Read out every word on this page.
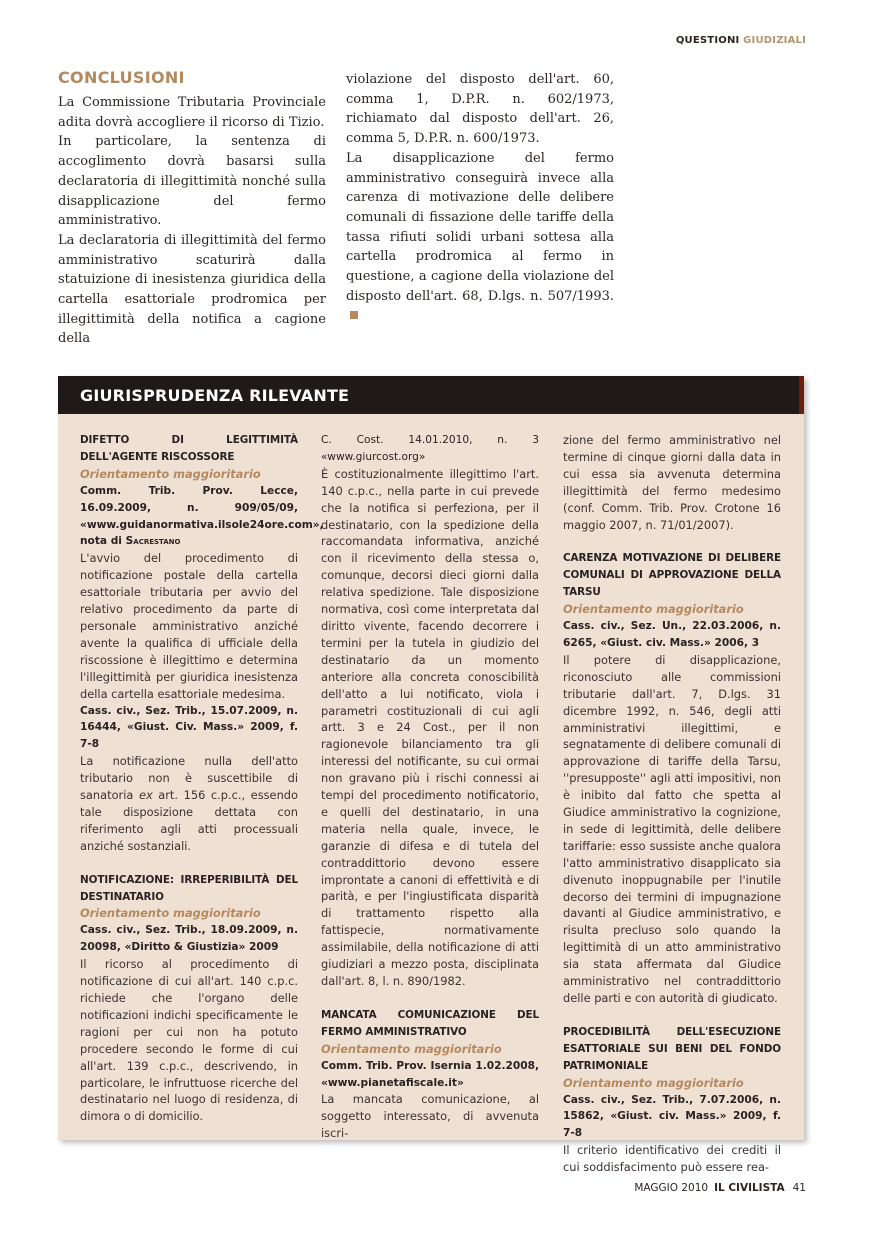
QUESTIONI GIUDIZIALI
CONCLUSIONI

La Commissione Tributaria Provinciale adita dovrà accogliere il ricorso di Tizio.

In particolare, la sentenza di accoglimento dovrà basarsi sulla declaratoria di illegittimità nonché sulla disapplicazione del fermo amministrativo.

La declaratoria di illegittimità del fermo amministrativo scaturirà dalla statuizione di inesistenza giuridica della cartella esattoriale prodromica per illegittimità della notifica a cagione della

violazione del disposto dell'art. 60, comma 1, D.P.R. n. 602/1973, richiamato dal disposto dell'art. 26, comma 5, D.P.R. n. 600/1973.

La disapplicazione del fermo amministrativo conseguirà invece alla carenza di motivazione delle delibere comunali di fissazione delle tariffe della tassa rifiuti solidi urbani sottesa alla cartella prodromica al fermo in questione, a cagione della violazione del disposto dell'art. 68, D.lgs. n. 507/1993.

GIURISPRUDENZA RILEVANTE

DIFETTO DI LEGITTIMITÀ DELL'AGENTE RISCOSSORE

Orientamento maggioritario

Comm. Trib. Prov. Lecce, 16.09.2009, n. 909/05/09, «www.guidanormativa.ilsole24ore.com», nota di Sacrestano

L'avvio del procedimento di notificazione postale della cartella esattoriale tributaria per avvio del relativo procedimento da parte di personale amministrativo anziché avente la qualifica di ufficiale della riscossione è illegittimo e determina l'illegittimità per giuridica inesistenza della cartella esattoriale medesima.

Cass. civ., Sez. Trib., 15.07.2009, n. 16444, «Giust. Civ. Mass.» 2009, f. 7-8

La notificazione nulla dell'atto tributario non è suscettibile di sanatoria ex art. 156 c.p.c., essendo tale disposizione dettata con riferimento agli atti processuali anziché sostanziali.

NOTIFICAZIONE: IRREPERIBILITÀ DEL DESTINATARIO

Orientamento maggioritario

Cass. civ., Sez. Trib., 18.09.2009, n. 20098, «Diritto & Giustizia» 2009

Il ricorso al procedimento di notificazione di cui all'art. 140 c.p.c. richiede che l'organo delle notificazioni indichi specificamente le ragioni per cui non ha potuto procedere secondo le forme di cui all'art. 139 c.p.c., descrivendo, in particolare, le infruttuose ricerche del destinatario nel luogo di residenza, di dimora o di domicilio.

C. Cost. 14.01.2010, n. 3 «www.giurcost.org»

È costituzionalmente illegittimo l'art. 140 c.p.c., nella parte in cui prevede che la notifica si perfeziona, per il destinatario, con la spedizione della raccomandata informativa, anziché con il ricevimento della stessa o, comunque, decorsi dieci giorni dalla relativa spedizione. Tale disposizione normativa, così come interpretata dal diritto vivente, facendo decorrere i termini per la tutela in giudizio del destinatario da un momento anteriore alla concreta conoscibilità dell'atto a lui notificato, viola i parametri costituzionali di cui agli artt. 3 e 24 Cost., per il non ragionevole bilanciamento tra gli interessi del notificante, su cui ormai non gravano più i rischi connessi ai tempi del procedimento notificatorio, e quelli del destinatario, in una materia nella quale, invece, le garanzie di difesa e di tutela del contraddittorio devono essere improntate a canoni di effettività e di parità, e per l'ingiustificata disparità di trattamento rispetto alla fattispecie, normativamente assimilabile, della notificazione di atti giudiziari a mezzo posta, disciplinata dall'art. 8, l. n. 890/1982.

MANCATA COMUNICAZIONE DEL FERMO AMMINISTRATIVO

Orientamento maggioritario

Comm. Trib. Prov. Isernia 1.02.2008, «www.pianetafiscale.it»

La mancata comunicazione, al soggetto interessato, di avvenuta iscri-

zione del fermo amministrativo nel termine di cinque giorni dalla data in cui essa sia avvenuta determina illegittimità del fermo medesimo (conf. Comm. Trib. Prov. Crotone 16 maggio 2007, n. 71/01/2007).

CARENZA MOTIVAZIONE DI DELIBERE COMUNALI DI APPROVAZIONE DELLA TARSU

Orientamento maggioritario

Cass. civ., Sez. Un., 22.03.2006, n. 6265, «Giust. civ. Mass.» 2006, 3

Il potere di disapplicazione, riconosciuto alle commissioni tributarie dall'art. 7, D.lgs. 31 dicembre 1992, n. 546, degli atti amministrativi illegittimi, e segnatamente di delibere comunali di approvazione di tariffe della Tarsu, ''presupposte'' agli atti impositivi, non è inibito dal fatto che spetta al Giudice amministrativo la cognizione, in sede di legittimità, delle delibere tariffarie: esso sussiste anche qualora l'atto amministrativo disapplicato sia divenuto inoppugnabile per l'inutile decorso dei termini di impugnazione davanti al Giudice amministrativo, e risulta precluso solo quando la legittimità di un atto amministrativo sia stata affermata dal Giudice amministrativo nel contraddittorio delle parti e con autorità di giudicato.

PROCEDIBILITÀ DELL'ESECUZIONE ESATTORIALE SUI BENI DEL FONDO PATRIMONIALE

Orientamento maggioritario

Cass. civ., Sez. Trib., 7.07.2006, n. 15862, «Giust. civ. Mass.» 2009, f. 7-8

Il criterio identificativo dei crediti il cui soddisfacimento può essere rea-

MAGGIO 2010 IL CIVILISTA 41
